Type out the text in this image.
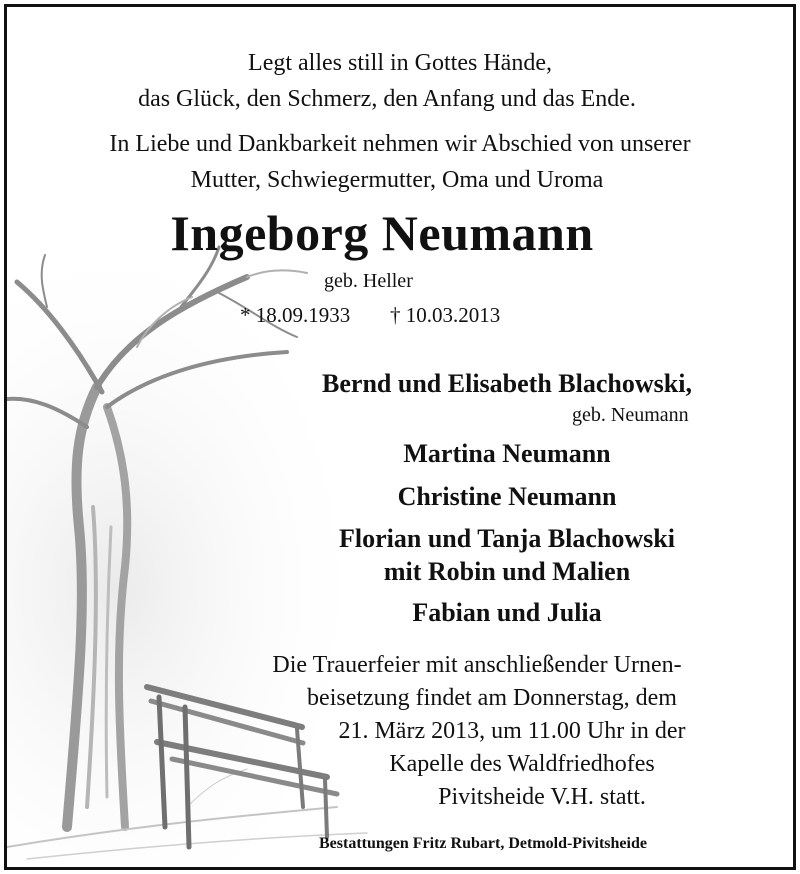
Legt alles still in Gottes Hände,
das Glück, den Schmerz, den Anfang und das Ende.
In Liebe und Dankbarkeit nehmen wir Abschied von unserer
Mutter, Schwiegermutter, Oma und Uroma
Ingeborg Neumann
geb. Heller
* 18.09.1933 † 10.03.2013
Bernd und Elisabeth Blachowski,
geb. Neumann
Martina Neumann
Christine Neumann
Florian und Tanja Blachowski
mit Robin und Malien
Fabian und Julia
Die Trauerfeier mit anschließender Urnen-
beisetzung findet am Donnerstag, dem
21. März 2013, um 11.00 Uhr in der
Kapelle des Waldfriedhofes
Pivitsheide V.H. statt.
Bestattungen Fritz Rubart, Detmold-Pivitsheide
